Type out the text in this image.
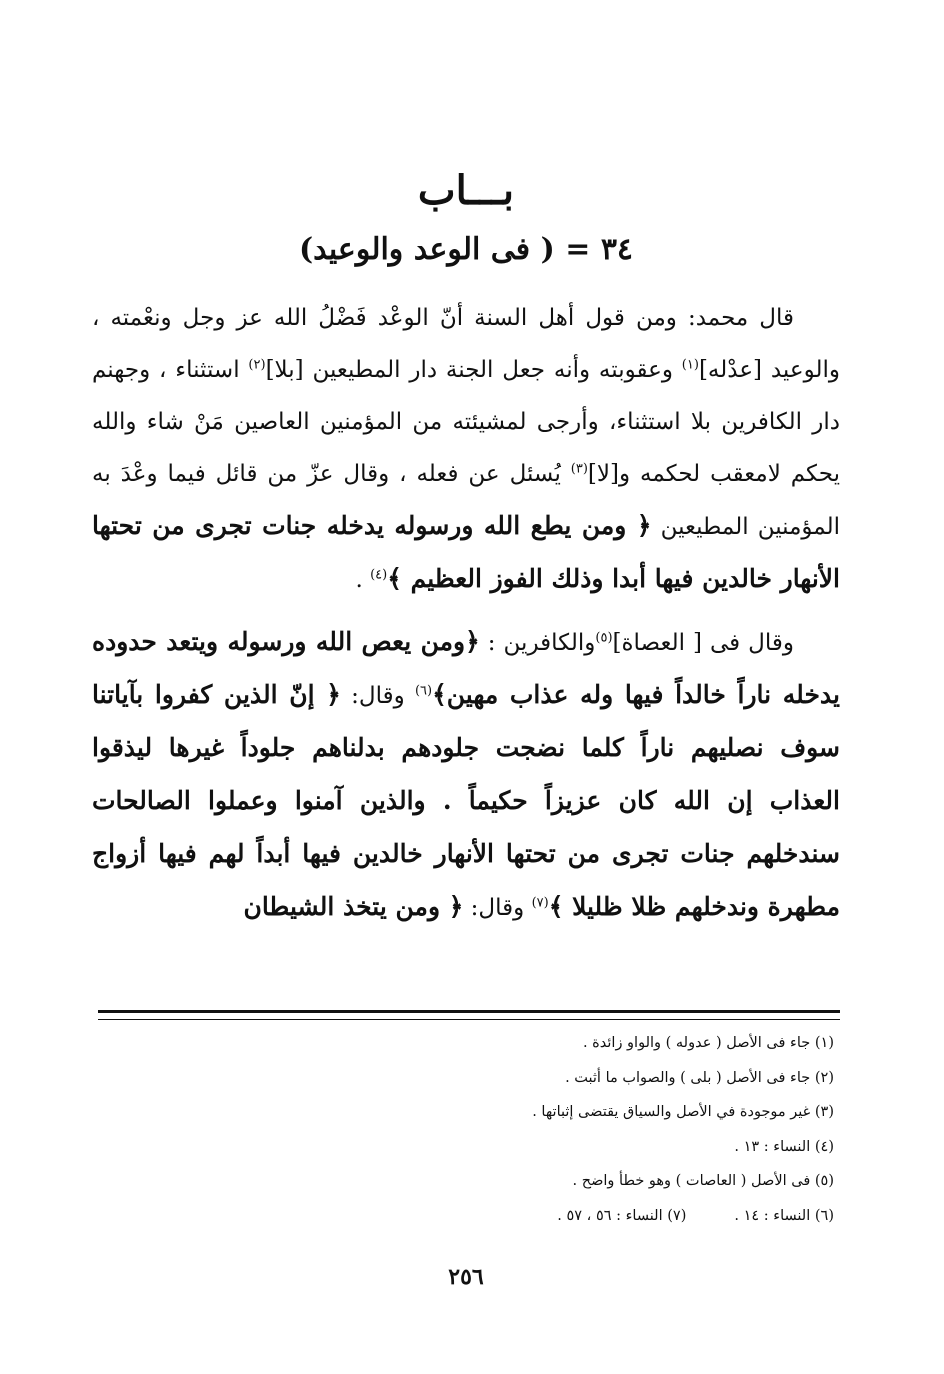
بـــاب
٣٤ = ( فى الوعد والوعيد)

قال محمد: ومن قول أهل السنة أنّ الوعْد فَضْلُ الله عز وجل ونعْمته ، والوعيد [عدْله]$^{(١)}$ وعقوبته وأنه جعل الجنة دار المطيعين [بلا]$^{(٢)}$ استثناء ، وجهنم دار الكافرين بلا استثناء، وأرجى لمشيئته من المؤمنين العاصين مَنْ شاء والله يحكم لامعقب لحكمه و[لا]$^{(٣)}$ يُسئل عن فعله ، وقال عزّ من قائل فيما وعْدَ به المؤمنين المطيعين ﴿ ومن يطع الله ورسوله يدخله جنات تجرى من تحتها الأنهار خالدين فيها أبدا وذلك الفوز العظيم ﴾$^{(٤)}$ .

وقال فى [ العصاة]$^{(٥)}$والكافرين : ﴿ومن يعص الله ورسوله ويتعد حدوده يدخله ناراً خالداً فيها وله عذاب مهين﴾$^{(٦)}$ وقال: ﴿ إنّ الذين كفروا بآياتنا سوف نصليهم ناراً كلما نضجت جلودهم بدلناهم جلوداً غيرها ليذقوا العذاب إن الله كان عزيزاً حكيماً . والذين آمنوا وعملوا الصالحات سندخلهم جنات تجرى من تحتها الأنهار خالدين فيها أبداً لهم فيها أزواج مطهرة وندخلهم ظلا ظليلا ﴾$^{(٧)}$ وقال: ﴿ ومن يتخذ الشيطان

(١) جاء فى الأصل ( عدوله ) والواو زائدة .
(٢) جاء فى الأصل ( بلى ) والصواب ما أثبت .
(٣) غير موجودة في الأصل والسياق يقتضى إثباتها .
(٤) النساء : ١٣ .
(٥) فى الأصل ( العاصات ) وهو خطأ واضح .
(٦) النساء : ١٤ .(٧) النساء : ٥٦ ، ٥٧ .
٢٥٦
